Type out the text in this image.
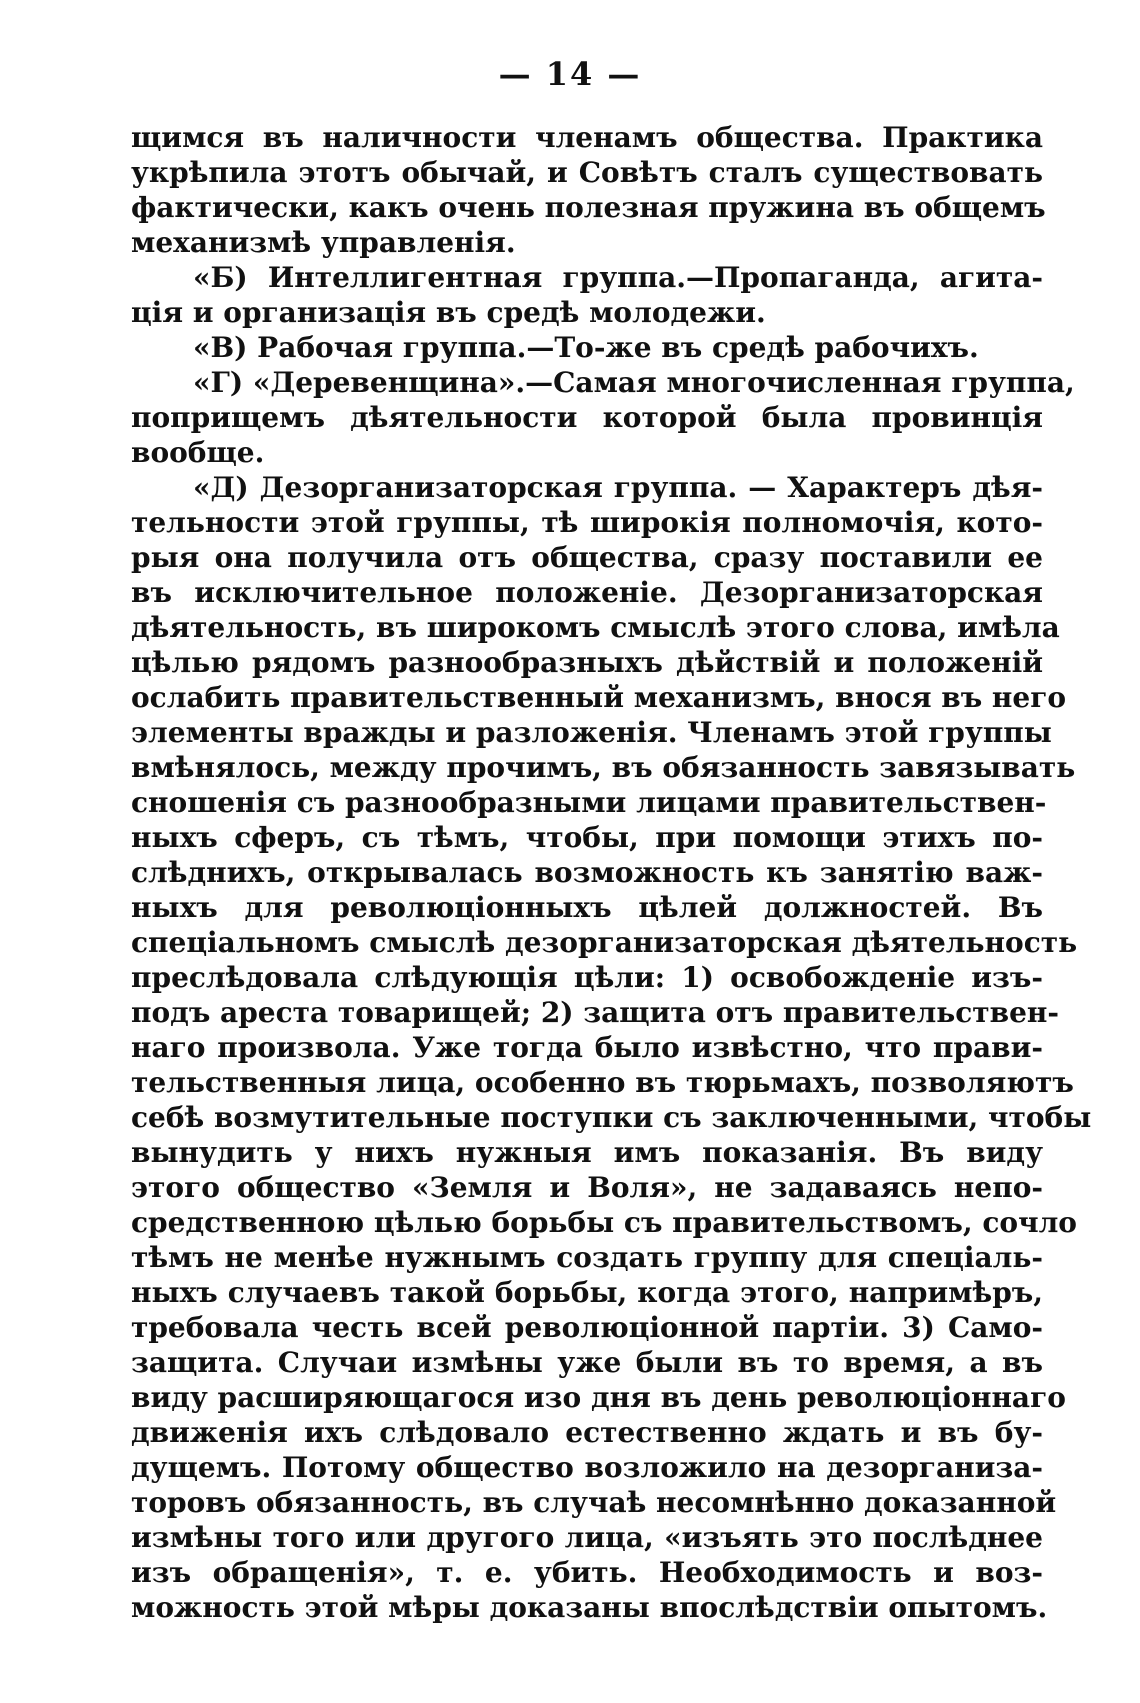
— 14 —
щимся въ наличности членамъ общества. Практика
укрѣпила этотъ обычай, и Совѣтъ сталъ существовать
фактически, какъ очень полезная пружина въ общемъ
механизмѣ управленія.
«Б) Интеллигентная группа.—Пропаганда, агита-
ція и организація въ средѣ молодежи.
«В) Рабочая группа.—То-же въ средѣ рабочихъ.
«Г) «Деревенщина».—Самая многочисленная группа,
поприщемъ дѣятельности которой была провинція
вообще.
«Д) Дезорганизаторская группа. — Характеръ дѣя-
тельности этой группы, тѣ широкія полномочія, кото-
рыя она получила отъ общества, сразу поставили ее
въ исключительное положеніе. Дезорганизаторская
дѣятельность, въ широкомъ смыслѣ этого слова, имѣла
цѣлью рядомъ разнообразныхъ дѣйствій и положеній
ослабить правительственный механизмъ, внося въ него
элементы вражды и разложенія. Членамъ этой группы
вмѣнялось, между прочимъ, въ обязанность завязывать
сношенія съ разнообразными лицами правительствен-
ныхъ сферъ, съ тѣмъ, чтобы, при помощи этихъ по-
слѣднихъ, открывалась возможность къ занятію важ-
ныхъ для революціонныхъ цѣлей должностей. Въ
спеціальномъ смыслѣ дезорганизаторская дѣятельность
преслѣдовала слѣдующія цѣли: 1) освобожденіе изъ-
подъ ареста товарищей; 2) защита отъ правительствен-
наго произвола. Уже тогда было извѣстно, что прави-
тельственныя лица, особенно въ тюрьмахъ, позволяютъ
себѣ возмутительные поступки съ заключенными, чтобы
вынудить у нихъ нужныя имъ показанія. Въ виду
этого общество «Земля и Воля», не задаваясь непо-
средственною цѣлью борьбы съ правительствомъ, сочло
тѣмъ не менѣе нужнымъ создать группу для спеціаль-
ныхъ случаевъ такой борьбы, когда этого, напримѣръ,
требовала честь всей революціонной партіи. 3) Само-
защита. Случаи измѣны уже были въ то время, а въ
виду расширяющагося изо дня въ день революціоннаго
движенія ихъ слѣдовало естественно ждать и въ бу-
дущемъ. Потому общество возложило на дезорганиза-
торовъ обязанность, въ случаѣ несомнѣнно доказанной
измѣны того или другого лица, «изъять это послѣднее
изъ обращенія», т. е. убить. Необходимость и воз-
можность этой мѣры доказаны впослѣдствіи опытомъ.
